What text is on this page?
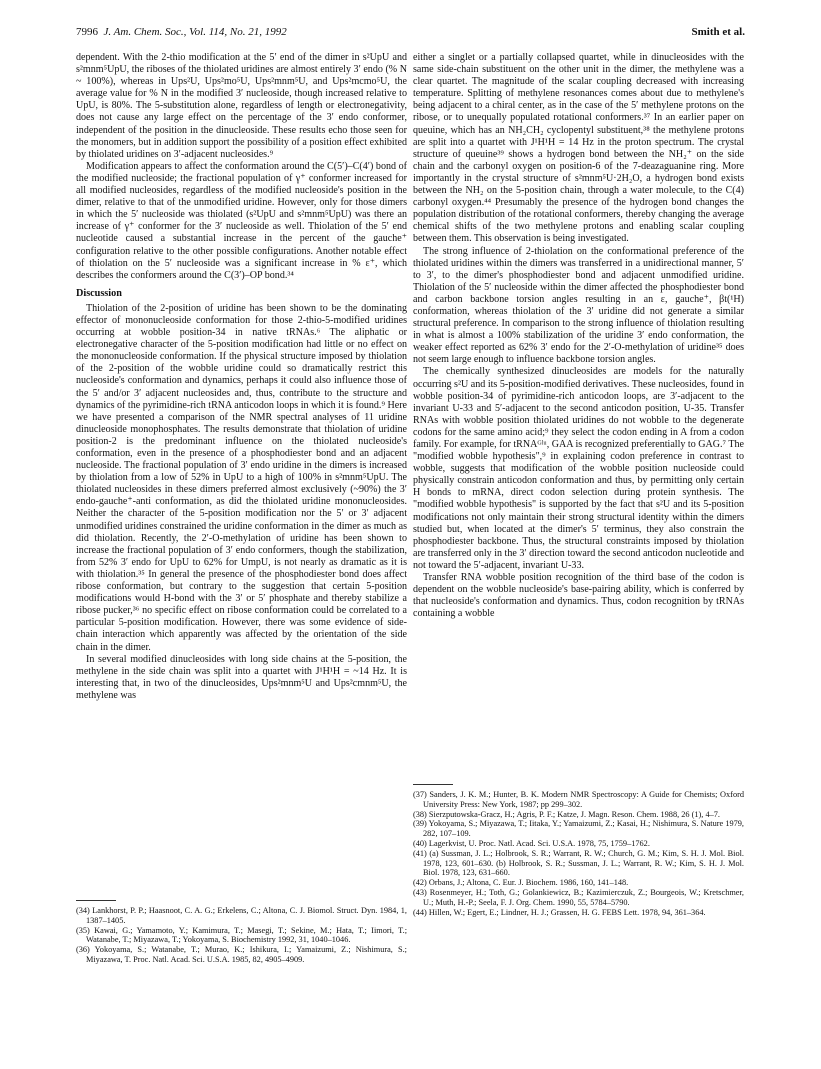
7996 J. Am. Chem. Soc., Vol. 114, No. 21, 1992	Smith et al.

dependent. With the 2-thio modification at the 5′ end of the dimer in s²UpU and s²mnm⁵UpU, the riboses of the thiolated uridines are almost entirely 3′ endo (% N ~ 100%), whereas in Ups²U, Ups²mo⁵U, Ups²mnm⁵U, and Ups²mcmo⁵U, the average value for % N in the modified 3′ nucleoside, though increased relative to UpU, is 80%. The 5-substitution alone, regardless of length or electronegativity, does not cause any large effect on the percentage of the 3′ endo conformer, independent of the position in the dinucleoside. These results echo those seen for the monomers, but in addition support the possibility of a position effect exhibited by thiolated uridines on 3′-adjacent nucleosides.⁹

Modification appears to affect the conformation around the C(5′)–C(4′) bond of the modified nucleoside; the fractional population of γ⁺ conformer increased for all modified nucleosides, regardless of the modified nucleoside's position in the dimer, relative to that of the unmodified uridine. However, only for those dimers in which the 5′ nucleoside was thiolated (s²UpU and s²mnm⁵UpU) was there an increase of γ⁺ conformer for the 3′ nucleoside as well. Thiolation of the 5′ end nucleotide caused a substantial increase in the percent of the gauche⁺ configuration relative to the other possible configurations. Another notable effect of thiolation on the 5′ nucleoside was a significant increase in % ε⁺, which describes the conformers around the C(3′)–OP bond.³⁴

Discussion

Thiolation of the 2-position of uridine has been shown to be the dominating effector of mononucleoside conformation for those 2-thio-5-modified uridines occurring at wobble position-34 in native tRNAs.⁶ The aliphatic or electronegative character of the 5-position modification had little or no effect on the mononucleoside conformation. If the physical structure imposed by thiolation of the 2-position of the wobble uridine could so dramatically restrict this nucleoside's conformation and dynamics, perhaps it could also influence those of the 5′ and/or 3′ adjacent nucleosides and, thus, contribute to the structure and dynamics of the pyrimidine-rich tRNA anticodon loops in which it is found.⁹ Here we have presented a comparison of the NMR spectral analyses of 11 uridine dinucleoside monophosphates. The results demonstrate that thiolation of uridine position-2 is the predominant influence on the thiolated nucleoside's conformation, even in the presence of a phosphodiester bond and an adjacent nucleoside. The fractional population of 3′ endo uridine in the dimers is increased by thiolation from a low of 52% in UpU to a high of 100% in s²mnm⁵UpU. The thiolated nucleosides in these dimers preferred almost exclusively (~90%) the 3′ endo-gauche⁺-anti conformation, as did the thiolated uridine mononucleosides. Neither the character of the 5-position modification nor the 5′ or 3′ adjacent unmodified uridines constrained the uridine conformation in the dimer as much as did thiolation. Recently, the 2′-O-methylation of uridine has been shown to increase the fractional population of 3′ endo conformers, though the stabilization, from 52% 3′ endo for UpU to 62% for UmpU, is not nearly as dramatic as it is with thiolation.³⁵ In general the presence of the phosphodiester bond does affect ribose conformation, but contrary to the suggestion that certain 5-position modifications would H-bond with the 3′ or 5′ phosphate and thereby stabilize a ribose pucker,³⁶ no specific effect on ribose conformation could be correlated to a particular 5-position modification. However, there was some evidence of side-chain interaction which apparently was affected by the orientation of the side chain in the dimer.

In several modified dinucleosides with long side chains at the 5-position, the methylene in the side chain was split into a quartet with J¹H¹H = ~14 Hz. It is interesting that, in two of the dinucleosides, Ups²mnm⁵U and Ups²cmnm⁵U, the methylene was

either a singlet or a partially collapsed quartet, while in dinucleosides with the same side-chain substituent on the other unit in the dimer, the methylene was a clear quartet. The magnitude of the scalar coupling decreased with increasing temperature. Splitting of methylene resonances comes about due to methylene's being adjacent to a chiral center, as in the case of the 5′ methylene protons on the ribose, or to unequally populated rotational conformers.³⁷ In an earlier paper on queuine, which has an NH₂CH₂ cyclopentyl substituent,³⁸ the methylene protons are split into a quartet with J¹H¹H = 14 Hz in the proton spectrum. The crystal structure of queuine³⁹ shows a hydrogen bond between the NH₂⁺ on the side chain and the carbonyl oxygen on position-6 of the 7-deazaguanine ring. More importantly in the crystal structure of s²mnm⁵U·2H₂O, a hydrogen bond exists between the NH₂ on the 5-position chain, through a water molecule, to the C(4) carbonyl oxygen.⁴⁴ Presumably the presence of the hydrogen bond changes the population distribution of the rotational conformers, thereby changing the average chemical shifts of the two methylene protons and enabling scalar coupling between them. This observation is being investigated.

The strong influence of 2-thiolation on the conformational preference of the thiolated uridines within the dimers was transferred in a unidirectional manner, 5′ to 3′, to the dimer's phosphodiester bond and adjacent unmodified uridine. Thiolation of the 5′ nucleoside within the dimer affected the phosphodiester bond and carbon backbone torsion angles resulting in an ε, gauche⁺, βt(¹H) conformation, whereas thiolation of the 3′ uridine did not generate a similar structural preference. In comparison to the strong influence of thiolation resulting in what is almost a 100% stabilization of the uridine 3′ endo conformation, the weaker effect reported as 62% 3′ endo for the 2′-O-methylation of uridine³⁵ does not seem large enough to influence backbone torsion angles.

The chemically synthesized dinucleosides are models for the naturally occurring s²U and its 5-position-modified derivatives. These nucleosides, found in wobble position-34 of pyrimidine-rich anticodon loops, are 3′-adjacent to the invariant U-33 and 5′-adjacent to the second anticodon position, U-35. Transfer RNAs with wobble position thiolated uridines do not wobble to the degenerate codons for the same amino acid;⁹ they select the codon ending in A from a codon family. For example, for tRNAᴳˡᵘ, GAA is recognized preferentially to GAG.⁷ The "modified wobble hypothesis",⁹ in explaining codon preference in contrast to wobble, suggests that modification of the wobble position nucleoside could physically constrain anticodon conformation and thus, by permitting only certain H bonds to mRNA, direct codon selection during protein synthesis. The "modified wobble hypothesis" is supported by the fact that s²U and its 5-position modifications not only maintain their strong structural identity within the dimers studied but, when located at the dimer's 5′ terminus, they also constrain the phosphodiester backbone. Thus, the structural constraints imposed by thiolation are transferred only in the 3′ direction toward the second anticodon nucleotide and not toward the 5′-adjacent, invariant U-33.

Transfer RNA wobble position recognition of the third base of the codon is dependent on the wobble nucleoside's base-pairing ability, which is conferred by that nucleoside's conformation and dynamics. Thus, codon recognition by tRNAs containing a wobble

(34) Lankhorst, P. P.; Haasnoot, C. A. G.; Erkelens, C.; Altona, C. J. Biomol. Struct. Dyn. 1984, 1, 1387–1405.

(35) Kawai, G.; Yamamoto, Y.; Kamimura, T.; Masegi, T.; Sekine, M.; Hata, T.; Iimori, T.; Watanabe, T.; Miyazawa, T.; Yokoyama, S. Biochemistry 1992, 31, 1040–1046.

(36) Yokoyama, S.; Watanabe, T.; Murao, K.; Ishikura, I.; Yamaizumi, Z.; Nishimura, S.; Miyazawa, T. Proc. Natl. Acad. Sci. U.S.A. 1985, 82, 4905–4909.

(37) Sanders, J. K. M.; Hunter, B. K. Modern NMR Spectroscopy: A Guide for Chemists; Oxford University Press: New York, 1987; pp 299–302.

(38) Sierzputowska-Gracz, H.; Agris, P. F.; Katze, J. Magn. Reson. Chem. 1988, 26 (1), 4–7.

(39) Yokoyama, S.; Miyazawa, T.; Iitaka, Y.; Yamaizumi, Z.; Kasai, H.; Nishimura, S. Nature 1979, 282, 107–109.

(40) Lagerkvist, U. Proc. Natl. Acad. Sci. U.S.A. 1978, 75, 1759–1762.

(41) (a) Sussman, J. L.; Holbrook, S. R.; Warrant, R. W.; Church, G. M.; Kim, S. H. J. Mol. Biol. 1978, 123, 601–630. (b) Holbrook, S. R.; Sussman, J. L.; Warrant, R. W.; Kim, S. H. J. Mol. Biol. 1978, 123, 631–660.

(42) Orbans, J.; Altona, C. Eur. J. Biochem. 1986, 160, 141–148.

(43) Rosenmeyer, H.; Toth, G.; Golankiewicz, B.; Kazimierczuk, Z.; Bourgeois, W.; Kretschmer, U.; Muth, H.-P.; Seela, F. J. Org. Chem. 1990, 55, 5784–5790.

(44) Hillen, W.; Egert, E.; Lindner, H. J.; Grassen, H. G. FEBS Lett. 1978, 94, 361–364.
